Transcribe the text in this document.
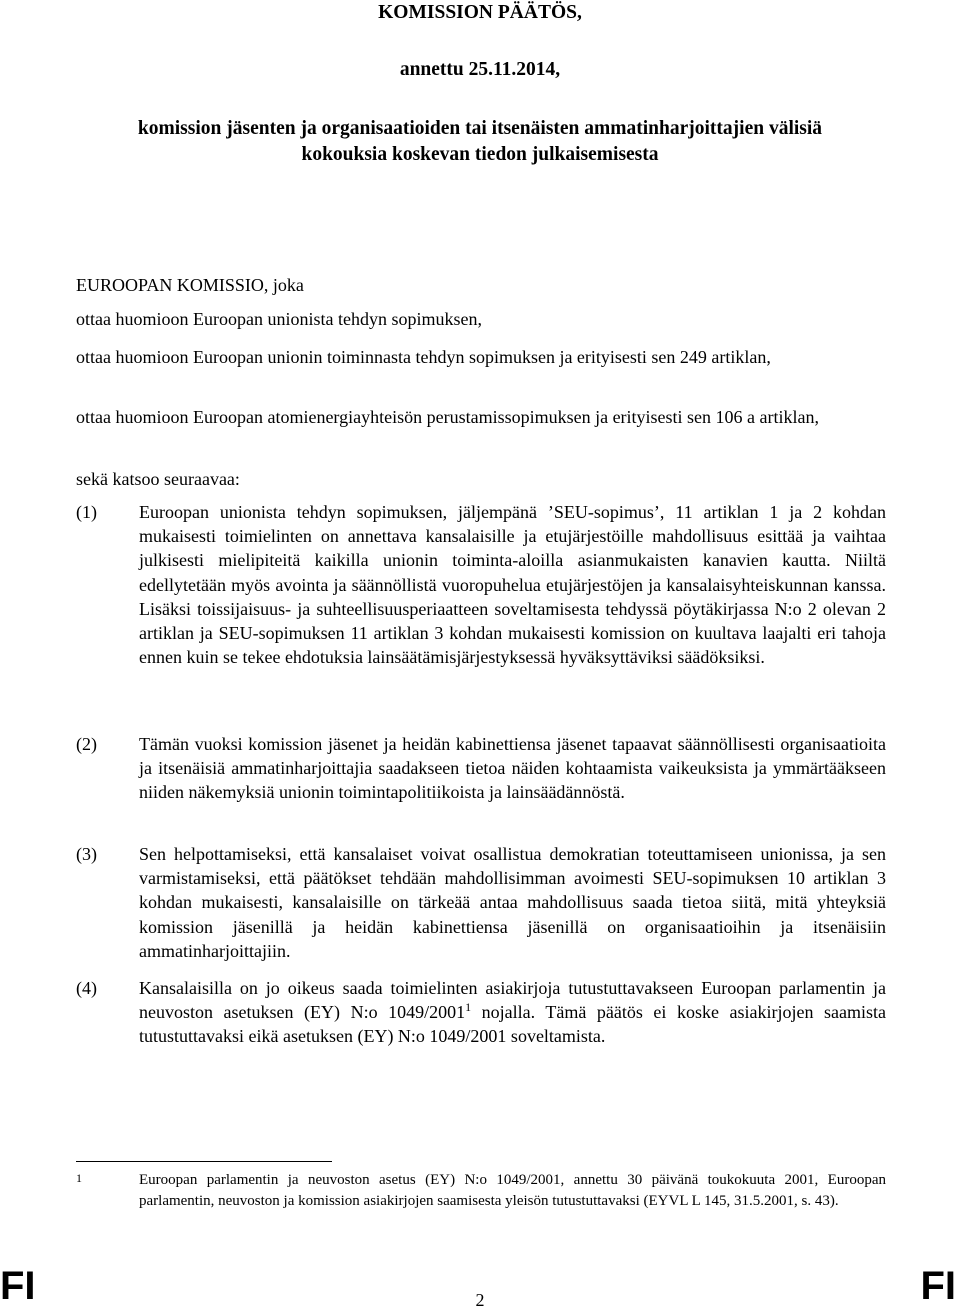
KOMISSION PÄÄTÖS,
annettu 25.11.2014,
komission jäsenten ja organisaatioiden tai itsenäisten ammatinharjoittajien välisiä
kokouksia koskevan tiedon julkaisemisesta
EUROOPAN KOMISSIO, joka
ottaa huomioon Euroopan unionista tehdyn sopimuksen,
ottaa huomioon Euroopan unionin toiminnasta tehdyn sopimuksen ja erityisesti sen 249 artiklan,
ottaa huomioon Euroopan atomienergiayhteisön perustamissopimuksen ja erityisesti sen 106 a artiklan,
sekä katsoo seuraavaa:
(1) Euroopan unionista tehdyn sopimuksen, jäljempänä ’SEU-sopimus’, 11 artiklan 1 ja 2 kohdan mukaisesti toimielinten on annettava kansalaisille ja etujärjestöille mahdollisuus esittää ja vaihtaa julkisesti mielipiteitä kaikilla unionin toiminta-aloilla asianmukaisten kanavien kautta. Niiltä edellytetään myös avointa ja säännöllistä vuoropuhelua etujärjestöjen ja kansalaisyhteiskunnan kanssa. Lisäksi toissijaisuus- ja suhteellisuusperiaatteen soveltamisesta tehdyssä pöytäkirjassa N:o 2 olevan 2 artiklan ja SEU-sopimuksen 11 artiklan 3 kohdan mukaisesti komission on kuultava laajalti eri tahoja ennen kuin se tekee ehdotuksia lainsäätämisjärjestyksessä hyväksyttäviksi säädöksiksi.
(2) Tämän vuoksi komission jäsenet ja heidän kabinettiensa jäsenet tapaavat säännöllisesti organisaatioita ja itsenäisiä ammatinharjoittajia saadakseen tietoa näiden kohtaamista vaikeuksista ja ymmärtääkseen niiden näkemyksiä unionin toimintapolitiikoista ja lainsäädännöstä.
(3) Sen helpottamiseksi, että kansalaiset voivat osallistua demokratian toteuttamiseen unionissa, ja sen varmistamiseksi, että päätökset tehdään mahdollisimman avoimesti SEU-sopimuksen 10 artiklan 3 kohdan mukaisesti, kansalaisille on tärkeää antaa mahdollisuus saada tietoa siitä, mitä yhteyksiä komission jäsenillä ja heidän kabinettiensa jäsenillä on organisaatioihin ja itsenäisiin ammatinharjoittajiin.
(4) Kansalaisilla on jo oikeus saada toimielinten asiakirjoja tutustuttavakseen Euroopan parlamentin ja neuvoston asetuksen (EY) N:o 1049/2001$^1$ nojalla. Tämä päätös ei koske asiakirjojen saamista tutustuttavaksi eikä asetuksen (EY) N:o 1049/2001 soveltamista.
1	Euroopan parlamentin ja neuvoston asetus (EY) N:o 1049/2001, annettu 30 päivänä toukokuuta 2001, Euroopan parlamentin, neuvoston ja komission asiakirjojen saamisesta yleisön tutustuttavaksi (EYVL L 145, 31.5.2001, s. 43).
FI	2	FI
